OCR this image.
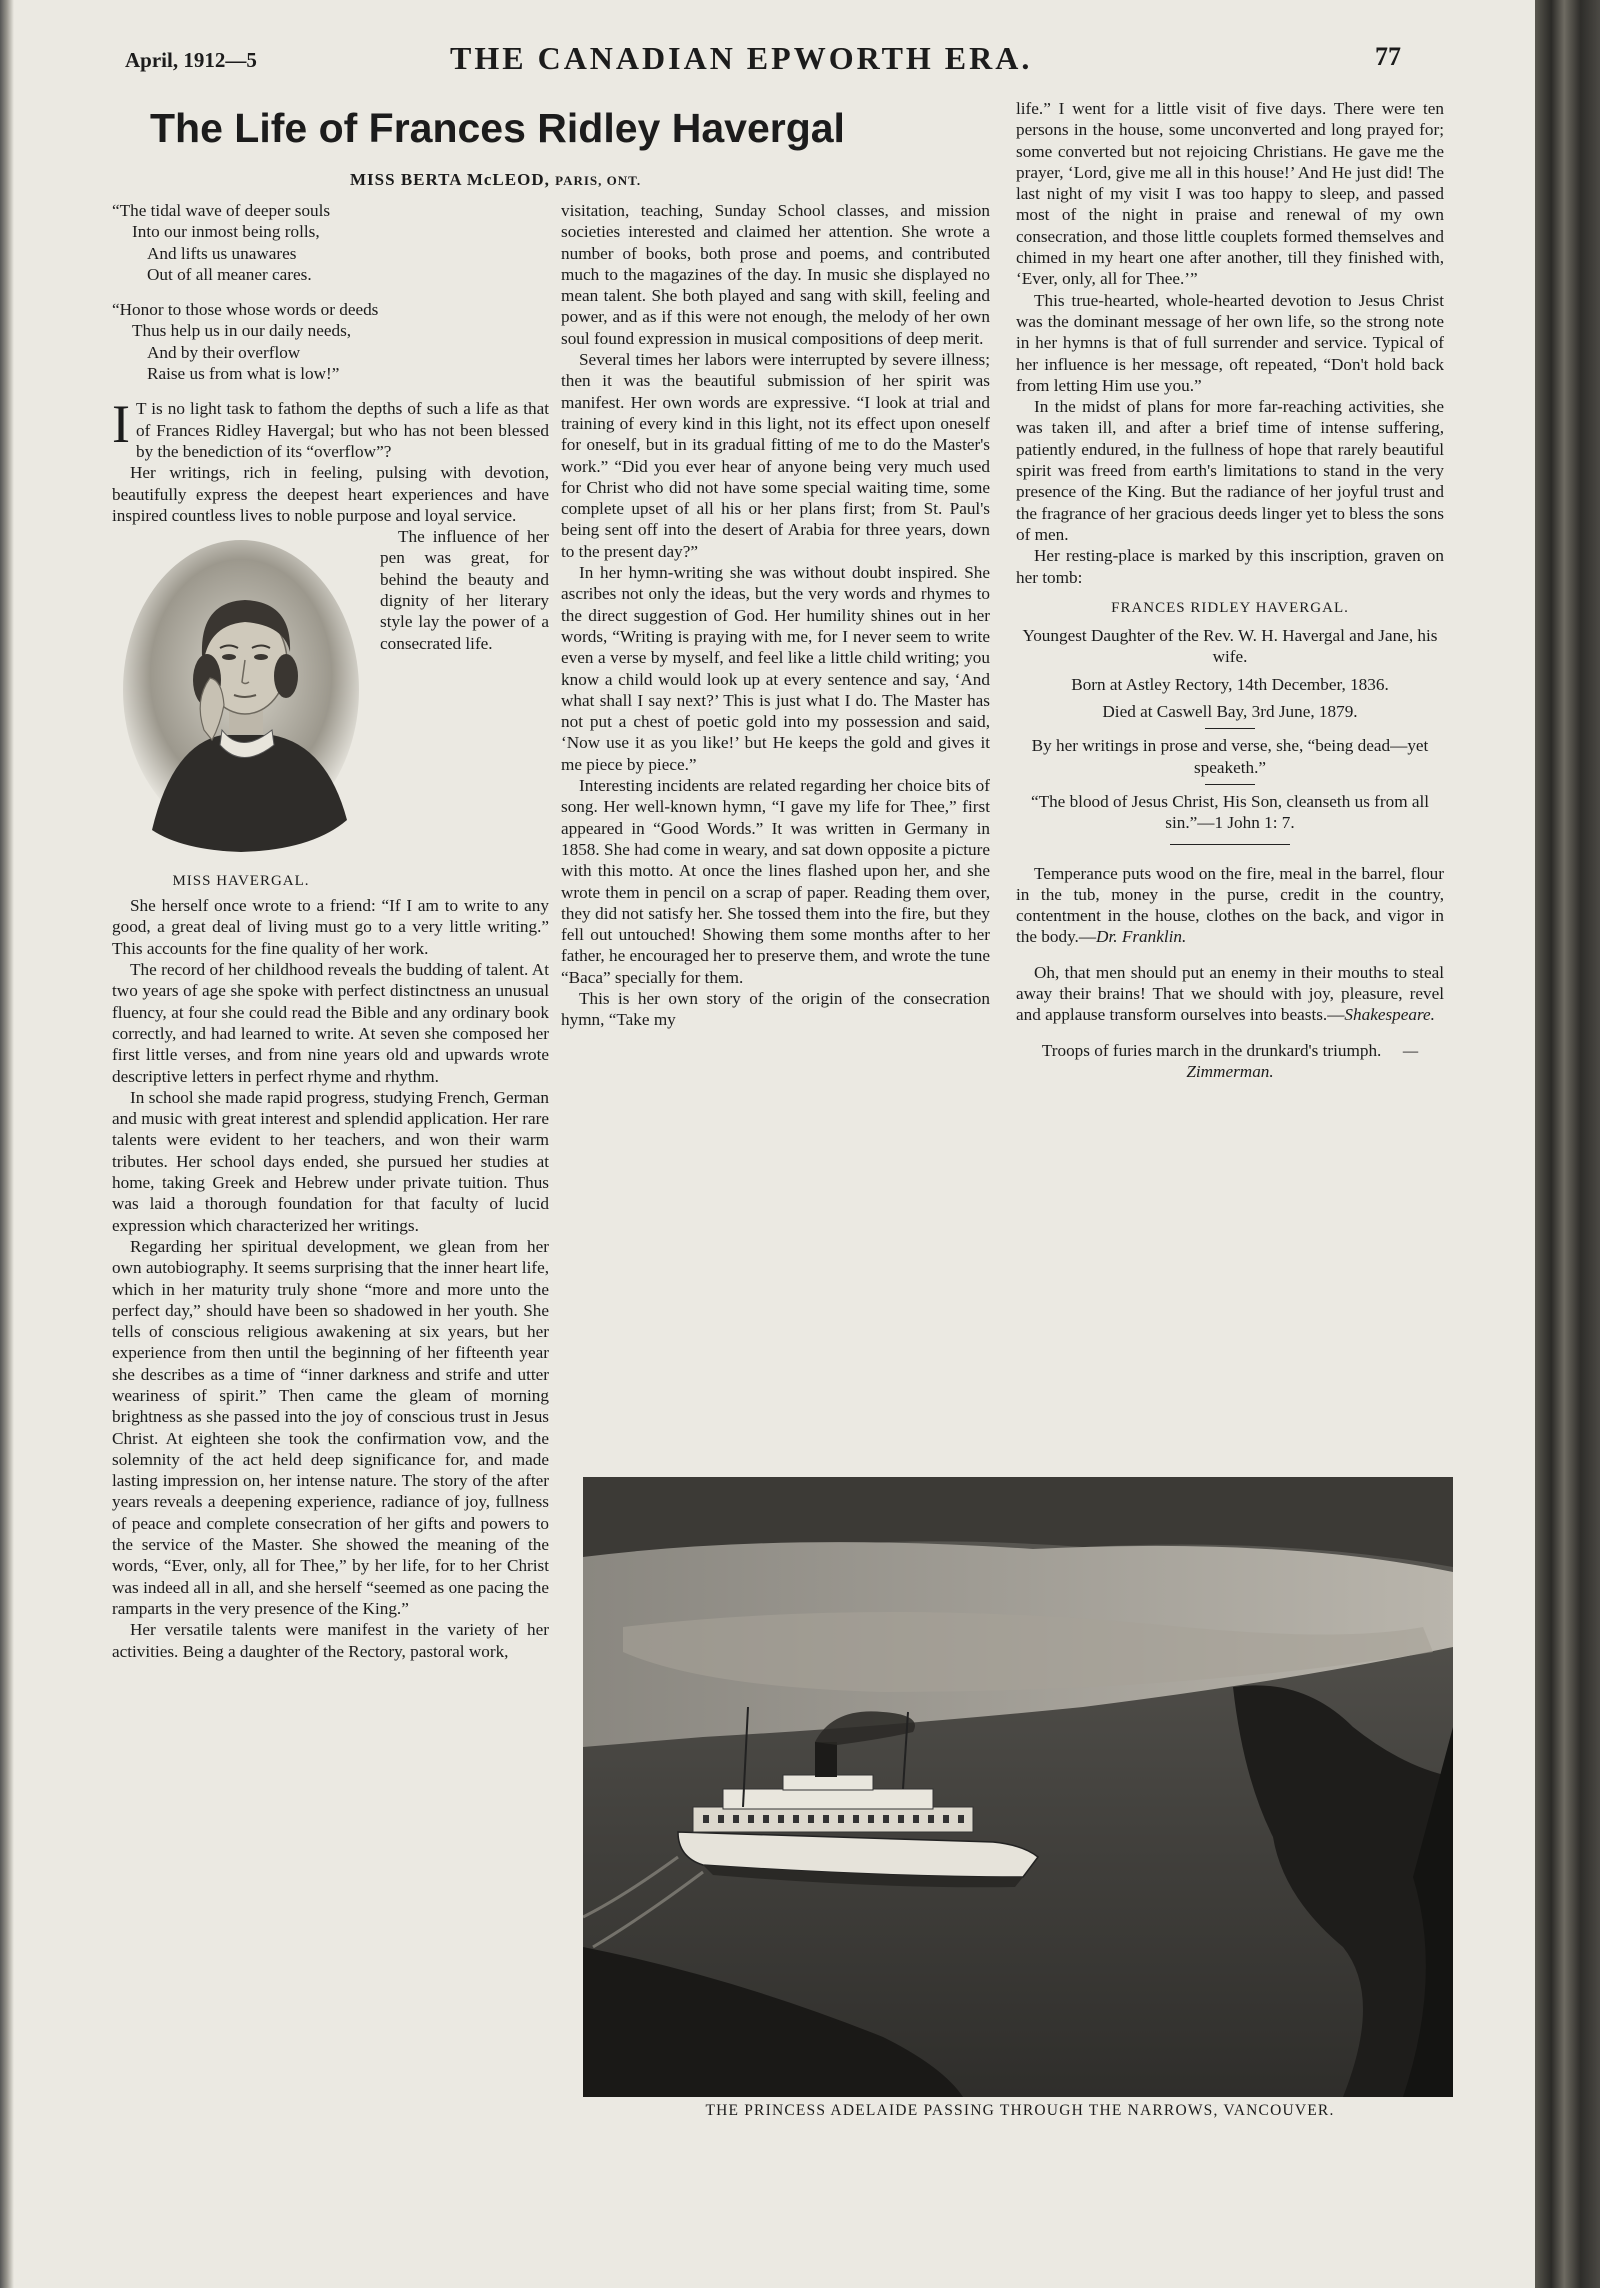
April, 1912—5	THE CANADIAN EPWORTH ERA.	77
The Life of Frances Ridley Havergal
MISS BERTA McLEOD, PARIS, ONT.
“The tidal wave of deeper souls
Into our inmost being rolls,
And lifts us unawares
Out of all meaner cares.
“Honor to those whose words or deeds
Thus help us in our daily needs,
And by their overflow
Raise us from what is low!”

I T is no light task to fathom the depths of such a life as that of Frances Ridley Havergal; but who has not been blessed by the benediction of its “overflow”?

Her writings, rich in feeling, pulsing with devotion, beautifully express the deepest heart experiences and have inspired countless lives to noble purpose and loyal service.

MISS HAVERGAL.

The influence of her pen was great, for behind the beauty and dignity of her literary style lay the power of a consecrated life.

She herself once wrote to a friend: “If I am to write to any good, a great deal of living must go to a very little writing.” This accounts for the fine quality of her work.

The record of her childhood reveals the budding of talent. At two years of age she spoke with perfect distinctness an unusual fluency, at four she could read the Bible and any ordinary book correctly, and had learned to write. At seven she composed her first little verses, and from nine years old and upwards wrote descriptive letters in perfect rhyme and rhythm.

In school she made rapid progress, studying French, German and music with great interest and splendid application. Her rare talents were evident to her teachers, and won their warm tributes. Her school days ended, she pursued her studies at home, taking Greek and Hebrew under private tuition. Thus was laid a thorough foundation for that faculty of lucid expression which characterized her writings.

Regarding her spiritual development, we glean from her own autobiography. It seems surprising that the inner heart life, which in her maturity truly shone “more and more unto the perfect day,” should have been so shadowed in her youth. She tells of conscious religious awakening at six years, but her experience from then until the beginning of her fifteenth year she describes as a time of “inner darkness and strife and utter weariness of spirit.” Then came the gleam of morning brightness as she passed into the joy of conscious trust in Jesus Christ. At eighteen she took the confirmation vow, and the solemnity of the act held deep significance for, and made lasting impression on, her intense nature. The story of the after years reveals a deepening experience, radiance of joy, fullness of peace and complete consecration of her gifts and powers to the service of the Master. She showed the meaning of the words, “Ever, only, all for Thee,” by her life, for to her Christ was indeed all in all, and she herself “seemed as one pacing the ramparts in the very presence of the King.”

Her versatile talents were manifest in the variety of her activities. Being a daughter of the Rectory, pastoral work,

visitation, teaching, Sunday School classes, and mission societies interested and claimed her attention. She wrote a number of books, both prose and poems, and contributed much to the magazines of the day. In music she displayed no mean talent. She both played and sang with skill, feeling and power, and as if this were not enough, the melody of her own soul found expression in musical compositions of deep merit.

Several times her labors were interrupted by severe illness; then it was the beautiful submission of her spirit was manifest. Her own words are expressive. “I look at trial and training of every kind in this light, not its effect upon oneself for oneself, but in its gradual fitting of me to do the Master's work.” “Did you ever hear of anyone being very much used for Christ who did not have some special waiting time, some complete upset of all his or her plans first; from St. Paul's being sent off into the desert of Arabia for three years, down to the present day?”

In her hymn-writing she was without doubt inspired. She ascribes not only the ideas, but the very words and rhymes to the direct suggestion of God. Her humility shines out in her words, “Writing is praying with me, for I never seem to write even a verse by myself, and feel like a little child writing; you know a child would look up at every sentence and say, ‘And what shall I say next?’ This is just what I do. The Master has not put a chest of poetic gold into my possession and said, ‘Now use it as you like!’ but He keeps the gold and gives it me piece by piece.”

Interesting incidents are related regarding her choice bits of song. Her well-known hymn, “I gave my life for Thee,” first appeared in “Good Words.” It was written in Germany in 1858. She had come in weary, and sat down opposite a picture with this motto. At once the lines flashed upon her, and she wrote them in pencil on a scrap of paper. Reading them over, they did not satisfy her. She tossed them into the fire, but they fell out untouched! Showing them some months after to her father, he encouraged her to preserve them, and wrote the tune “Baca” specially for them.

This is her own story of the origin of the consecration hymn, “Take my

life.” I went for a little visit of five days. There were ten persons in the house, some unconverted and long prayed for; some converted but not rejoicing Christians. He gave me the prayer, ‘Lord, give me all in this house!’ And He just did! The last night of my visit I was too happy to sleep, and passed most of the night in praise and renewal of my own consecration, and those little couplets formed themselves and chimed in my heart one after another, till they finished with, ‘Ever, only, all for Thee.’”

This true-hearted, whole-hearted devotion to Jesus Christ was the dominant message of her own life, so the strong note in her hymns is that of full surrender and service. Typical of her influence is her message, oft repeated, “Don't hold back from letting Him use you.”

In the midst of plans for more far-reaching activities, she was taken ill, and after a brief time of intense suffering, patiently endured, in the fullness of hope that rarely beautiful spirit was freed from earth's limitations to stand in the very presence of the King. But the radiance of her joyful trust and the fragrance of her gracious deeds linger yet to bless the sons of men.

Her resting-place is marked by this inscription, graven on her tomb:

FRANCES RIDLEY HAVERGAL.

Youngest Daughter of the Rev. W. H. Havergal and Jane, his wife.

Born at Astley Rectory, 14th December, 1836.

Died at Caswell Bay, 3rd June, 1879.

By her writings in prose and verse, she, “being dead—yet speaketh.”

“The blood of Jesus Christ, His Son, cleanseth us from all sin.”—1 John 1: 7.

Temperance puts wood on the fire, meal in the barrel, flour in the tub, money in the purse, credit in the country, contentment in the house, clothes on the back, and vigor in the body.—Dr. Franklin.

Oh, that men should put an enemy in their mouths to steal away their brains! That we should with joy, pleasure, revel and applause transform ourselves into beasts.—Shakespeare.

Troops of furies march in the drunkard's triumph. —Zimmerman.

THE PRINCESS ADELAIDE PASSING THROUGH THE NARROWS, VANCOUVER.
